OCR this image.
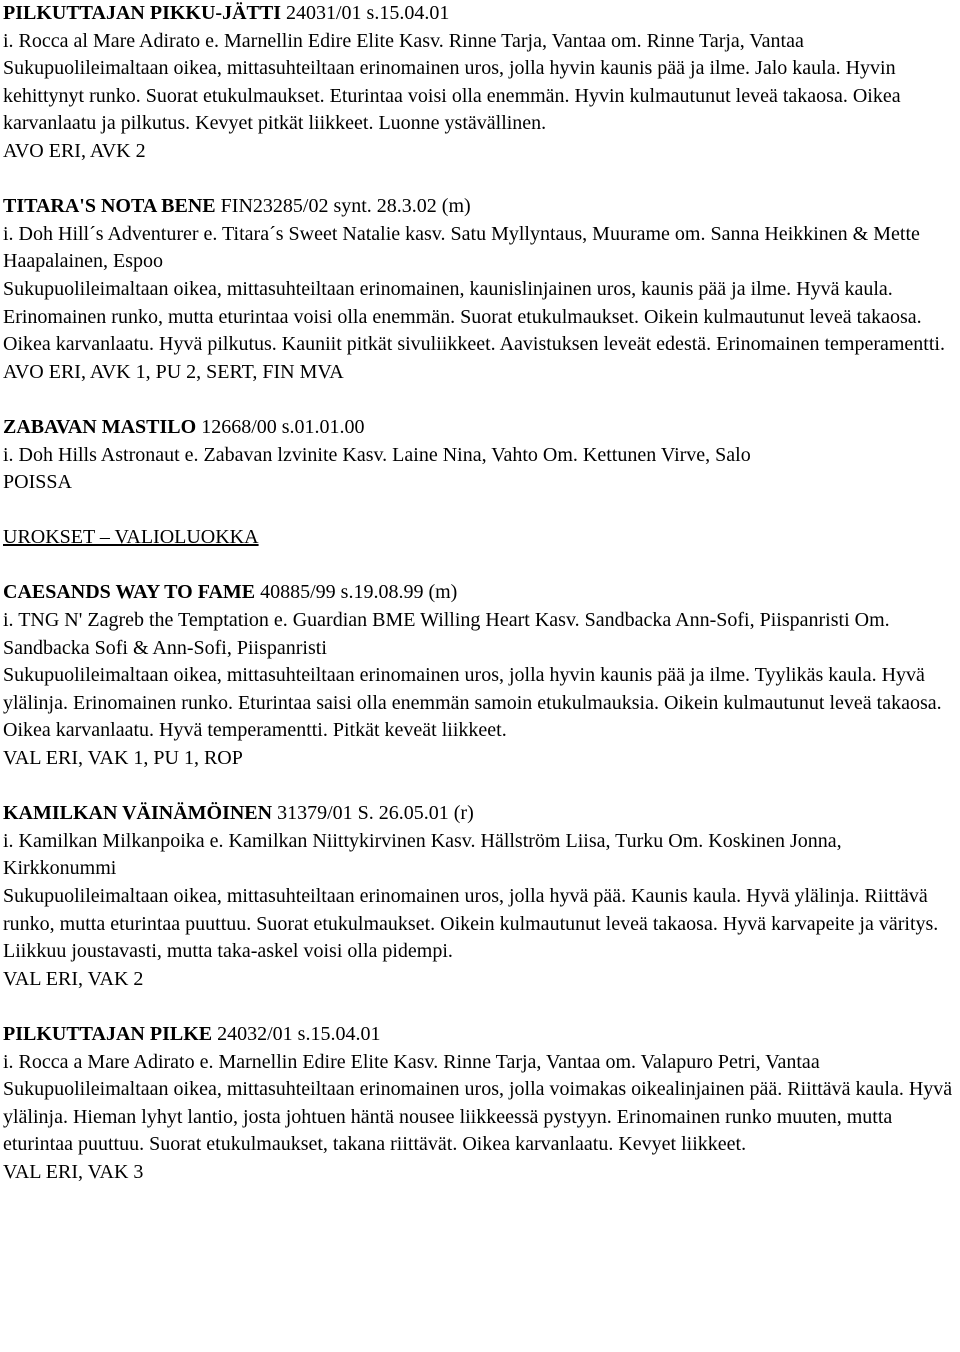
PILKUTTAJAN PIKKU-JÄTTI 24031/01 s.15.04.01

i. Rocca al Mare Adirato e. Marnellin Edire Elite Kasv. Rinne Tarja, Vantaa om. Rinne Tarja, Vantaa

Sukupuolileimaltaan oikea, mittasuhteiltaan erinomainen uros, jolla hyvin kaunis pää ja ilme. Jalo kaula. Hyvin kehittynyt runko. Suorat etukulmaukset. Eturintaa voisi olla enemmän. Hyvin kulmautunut leveä takaosa. Oikea karvanlaatu ja pilkutus. Kevyet pitkät liikkeet. Luonne ystävällinen.

AVO ERI, AVK 2

TITARA'S NOTA BENE FIN23285/02 synt. 28.3.02 (m)

i. Doh Hill´s Adventurer e. Titara´s Sweet Natalie kasv. Satu Myllyntaus, Muurame om. Sanna Heikkinen & Mette Haapalainen, Espoo

Sukupuolileimaltaan oikea, mittasuhteiltaan erinomainen, kaunislinjainen uros, kaunis pää ja ilme. Hyvä kaula. Erinomainen runko, mutta eturintaa voisi olla enemmän. Suorat etukulmaukset. Oikein kulmautunut leveä takaosa. Oikea karvanlaatu. Hyvä pilkutus. Kauniit pitkät sivuliikkeet. Aavistuksen leveät edestä. Erinomainen temperamentti.

AVO ERI, AVK 1, PU 2, SERT, FIN MVA

ZABAVAN MASTILO 12668/00 s.01.01.00

i. Doh Hills Astronaut e. Zabavan lzvinite Kasv. Laine Nina, Vahto Om. Kettunen Virve, Salo

POISSA

UROKSET – VALIOLUOKKA

CAESANDS WAY TO FAME 40885/99 s.19.08.99 (m)

i. TNG N' Zagreb the Temptation e. Guardian BME Willing Heart Kasv. Sandbacka Ann-Sofi, Piispanristi Om. Sandbacka Sofi & Ann-Sofi, Piispanristi

Sukupuolileimaltaan oikea, mittasuhteiltaan erinomainen uros, jolla hyvin kaunis pää ja ilme. Tyylikäs kaula. Hyvä ylälinja. Erinomainen runko. Eturintaa saisi olla enemmän samoin etukulmauksia. Oikein kulmautunut leveä takaosa. Oikea karvanlaatu. Hyvä temperamentti. Pitkät keveät liikkeet.

VAL ERI, VAK 1, PU 1, ROP

KAMILKAN VÄINÄMÖINEN 31379/01 S. 26.05.01 (r)

i. Kamilkan Milkanpoika e. Kamilkan Niittykirvinen Kasv. Hällström Liisa, Turku Om. Koskinen Jonna, Kirkkonummi

Sukupuolileimaltaan oikea, mittasuhteiltaan erinomainen uros, jolla hyvä pää. Kaunis kaula. Hyvä ylälinja. Riittävä runko, mutta eturintaa puuttuu. Suorat etukulmaukset. Oikein kulmautunut leveä takaosa. Hyvä karvapeite ja väritys. Liikkuu joustavasti, mutta taka-askel voisi olla pidempi.

VAL ERI, VAK 2

PILKUTTAJAN PILKE 24032/01 s.15.04.01

i. Rocca a Mare Adirato e. Marnellin Edire Elite Kasv. Rinne Tarja, Vantaa om. Valapuro Petri, Vantaa

Sukupuolileimaltaan oikea, mittasuhteiltaan erinomainen uros, jolla voimakas oikealinjainen pää. Riittävä kaula. Hyvä ylälinja. Hieman lyhyt lantio, josta johtuen häntä nousee liikkeessä pystyyn. Erinomainen runko muuten, mutta eturintaa puuttuu. Suorat etukulmaukset, takana riittävät. Oikea karvanlaatu. Kevyet liikkeet.

VAL ERI, VAK 3
